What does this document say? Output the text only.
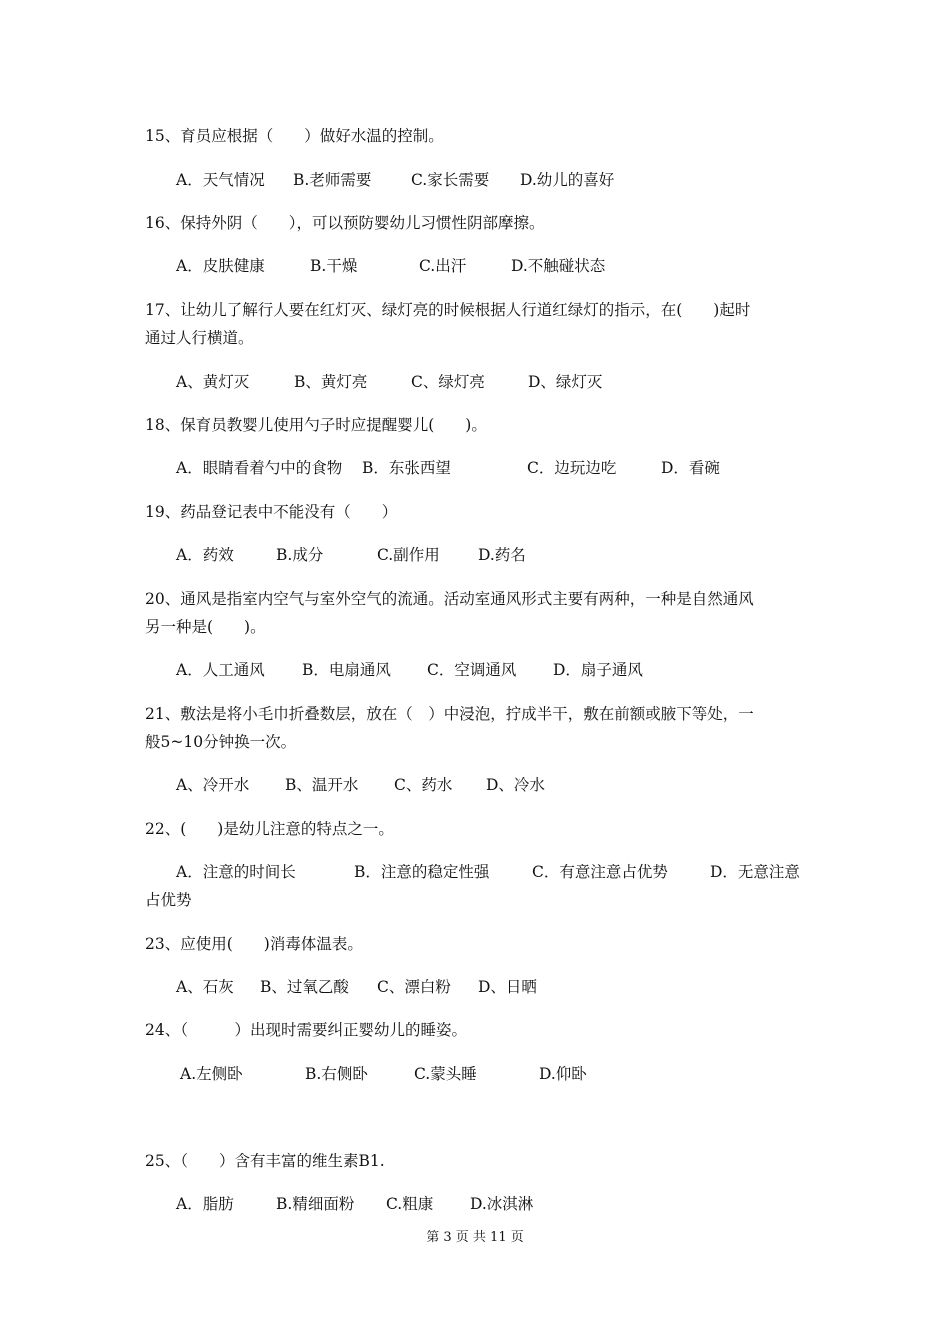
15、育员应根据（　　）做好水温的控制。
A．天气情况 B.老师需要	C.家长需要 D.幼儿的喜好
16、保持外阴（　　），可以预防婴幼儿习惯性阴部摩擦。
A．皮肤健康	B.干燥	C.出汗	D.不触碰状态
17、让幼儿了解行人要在红灯灭、绿灯亮的时候根据人行道红绿灯的指示，在(　　)起时
通过人行横道。
A、黄灯灭	B、黄灯亮	C、绿灯亮	D、绿灯灭
18、保育员教婴儿使用勺子时应提醒婴儿(　　)。
A．眼睛看着勺中的食物 B．东张西望	C．边玩边吃	D．看碗
19、药品登记表中不能没有（　　）
A．药效	B.成分	C.副作用 D.药名
20、通风是指室内空气与室外空气的流通。活动室通风形式主要有两种，一种是自然通风
另一种是(　　)。
A．人工通风 B．电扇通风 C．空调通风 D．扇子通风
21、敷法是将小毛巾折叠数层，放在（　）中浸泡，拧成半干，敷在前额或腋下等处，一
般5~10分钟换一次。
A、冷开水 B、温开水 C、药水 D、冷水
22、(　　)是幼儿注意的特点之一。
A．注意的时间长	B．注意的稳定性强	C．有意注意占优势	D．无意注意
占优势
23、应使用(　　)消毒体温表。
A、石灰 B、过氧乙酸 C、漂白粉 D、日晒
24、（　　　）出现时需要纠正婴幼儿的睡姿。
A.左侧卧	B.右侧卧	C.蒙头睡	D.仰卧
25、（　　）含有丰富的维生素B1.
A．脂肪	B.精细面粉 C.粗康 D.冰淇淋
第 3 页 共 11 页
